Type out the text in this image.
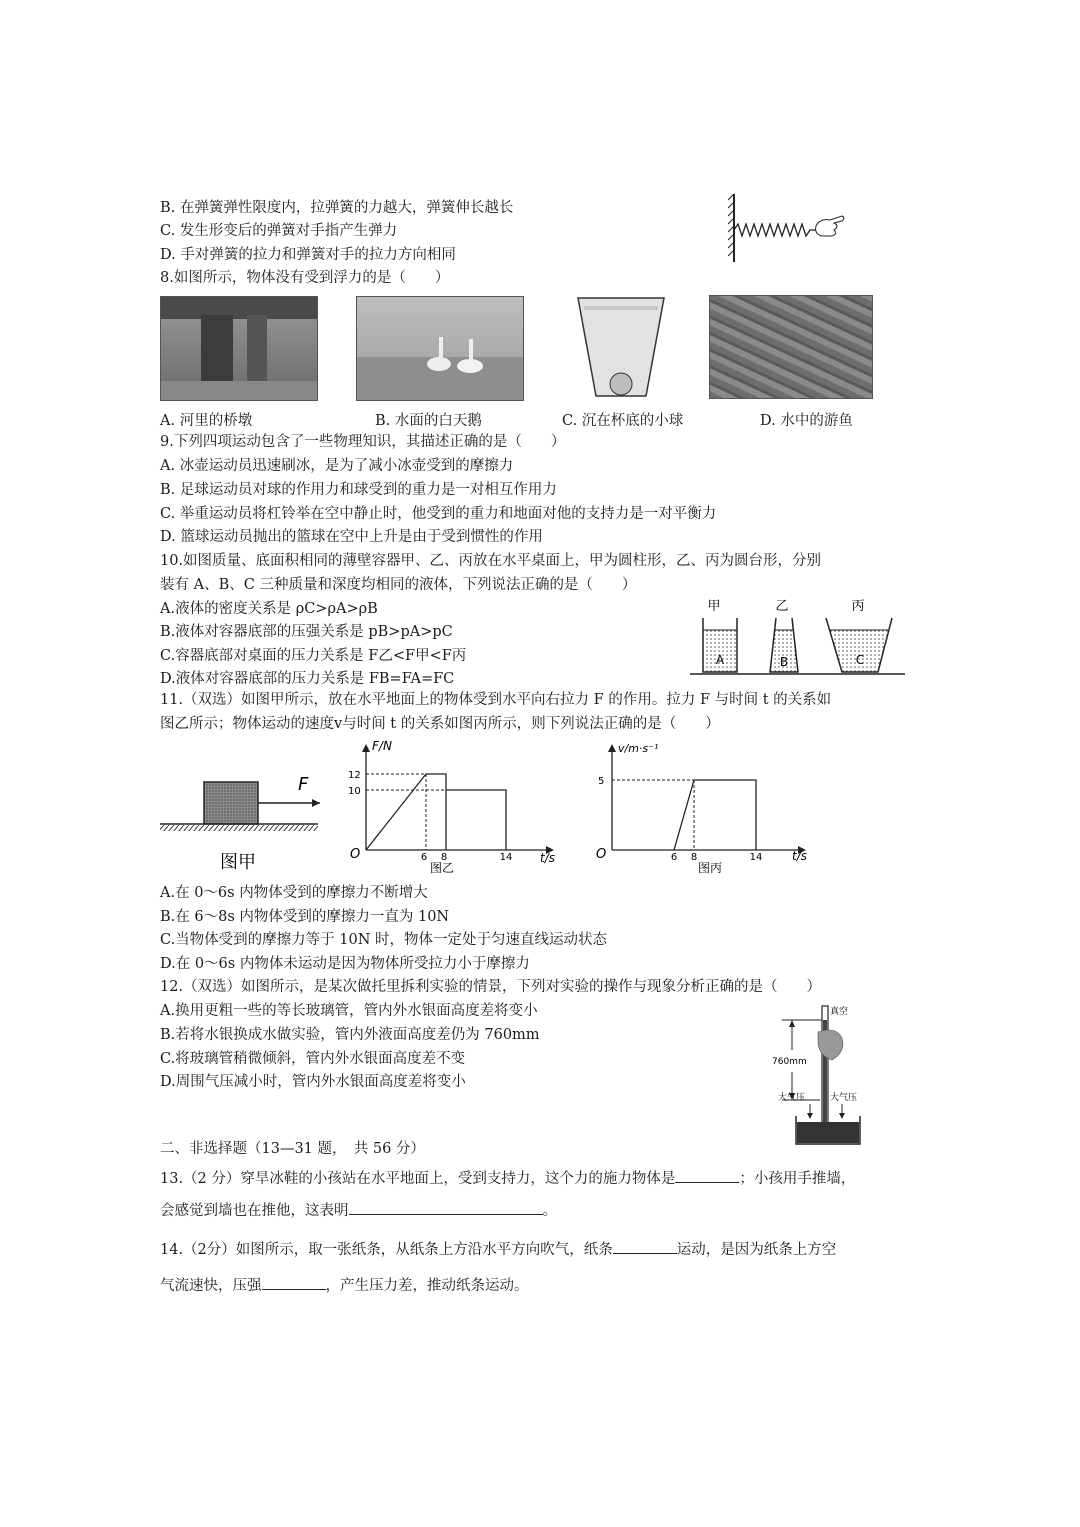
B. 在弹簧弹性限度内，拉弹簧的力越大，弹簧伸长越长
C. 发生形变后的弹簧对手指产生弹力
D. 手对弹簧的拉力和弹簧对手的拉力方向相同
8.如图所示，物体没有受到浮力的是（　　）
A. 河里的桥墩	B. 水面的白天鹅	C. 沉在杯底的小球	D. 水中的游鱼
9.下列四项运动包含了一些物理知识，其描述正确的是（　　）
A. 冰壶运动员迅速刷冰，是为了减小冰壶受到的摩擦力
B. 足球运动员对球的作用力和球受到的重力是一对相互作用力
C. 举重运动员将杠铃举在空中静止时，他受到的重力和地面对他的支持力是一对平衡力
D. 篮球运动员抛出的篮球在空中上升是由于受到惯性的作用
10.如图质量、底面积相同的薄壁容器甲、乙、丙放在水平桌面上，甲为圆柱形，乙、丙为圆台形，分别
装有 A、B、C 三种质量和深度均相同的液体，下列说法正确的是（　　）
A.液体的密度关系是 ρC>ρA>ρB
B.液体对容器底部的压强关系是 pB>pA>pC
C.容器底部对桌面的压力关系是 F乙<F甲<F丙
D.液体对容器底部的压力关系是 FB=FA=FC
甲	乙	丙
A	B	C
11.（双选）如图甲所示，放在水平地面上的物体受到水平向右拉力 F 的作用。拉力 F 与时间 t 的关系如
图乙所示；物体运动的速度v与时间 t 的关系如图丙所示，则下列说法正确的是（　　）
F
图甲
F/N
t/s
O
12
10
6 8	14
图乙
v/m·s⁻¹
t/s
O
5
6 8	14
图丙
A.在 0～6s 内物体受到的摩擦力不断增大
B.在 6～8s 内物体受到的摩擦力一直为 10N
C.当物体受到的摩擦力等于 10N 时，物体一定处于匀速直线运动状态
D.在 0～6s 内物体未运动是因为物体所受拉力小于摩擦力
12.（双选）如图所示，是某次做托里拆利实验的情景，下列对实验的操作与现象分析正确的是（　　）
A.换用更粗一些的等长玻璃管，管内外水银面高度差将变小
B.若将水银换成水做实验，管内外液面高度差仍为 760mm
C.将玻璃管稍微倾斜，管内外水银面高度差不变
D.周围气压减小时，管内外水银面高度差将变小
760mm
真空
大气压	大气压
二、非选择题（13—31 题，　共 56 分）
13.（2 分）穿旱冰鞋的小孩站在水平地面上，受到支持力，这个力的施力物体是	；小孩用手推墙，
会感觉到墙也在推他，这表明	。
14.（2分）如图所示，取一张纸条，从纸条上方沿水平方向吹气，纸条	运动，是因为纸条上方空
气流速快，压强	，产生压力差，推动纸条运动。
